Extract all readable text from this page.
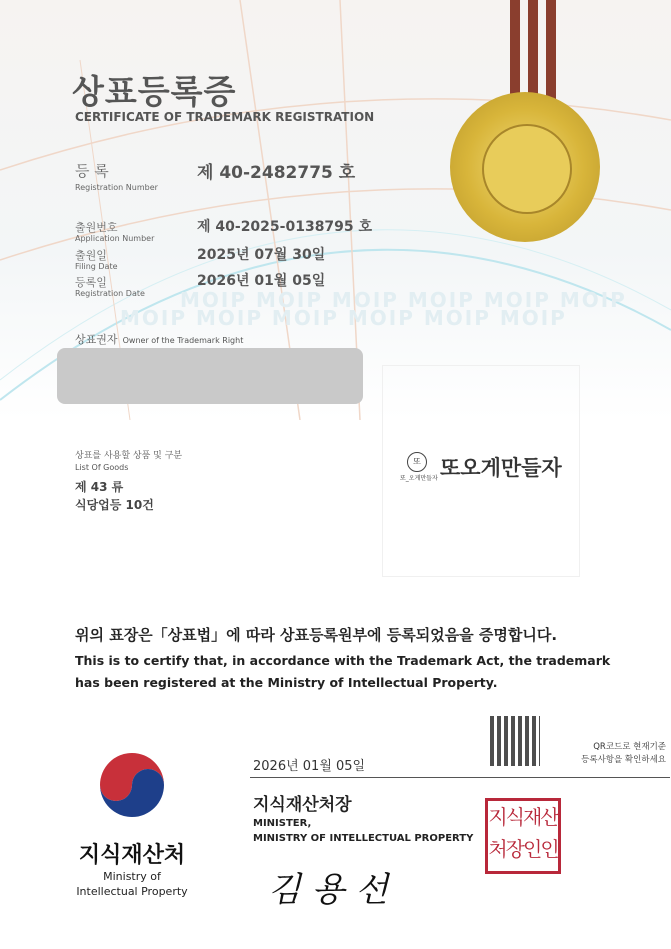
상표등록증
CERTIFICATE OF TRADEMARK REGISTRATION
등 록
Registration Number
제 40-2482775 호
출원번호
Application Number
제 40-2025-0138795 호
출원일
Filing Date
2025년 07월 30일
등록일
Registration Date
2026년 01월 05일
MOIP MOIP MOIP MOIP MOIP MOIP
MOIP MOIP MOIP MOIP MOIP MOIP
상표권자 Owner of the Trademark Right
상표를 사용할 상품 및 구분
List Of Goods
제 43 류
식당업등 10건
또
또_오게만들자 또오게만들자
위의 표장은「상표법」에 따라 상표등록원부에 등록되었음을 증명합니다.
This is to certify that, in accordance with the Trademark Act, the trademark
has been registered at the Ministry of Intellectual Property.
QR코드로 현재기준
등록사항을 확인하세요
2026년 01월 05일
지식재산처장
MINISTER,
MINISTRY OF INTELLECTUAL PROPERTY
지식재산
처장인인
김 용 선
지식재산처
Ministry of
Intellectual Property
